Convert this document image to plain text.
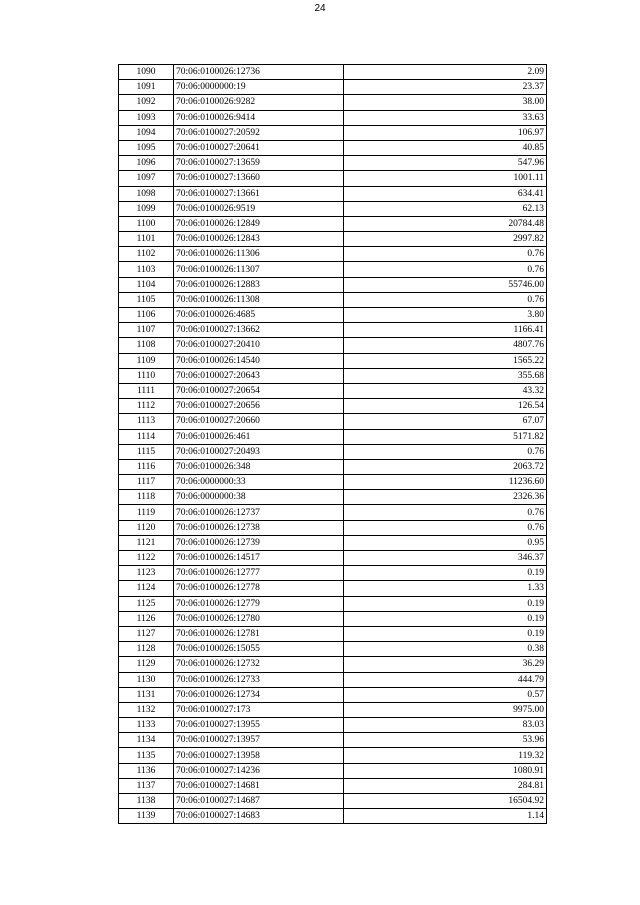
24
1090	70:06:0100026:12736	2.09
1091	70:06:0000000:19	23.37
1092	70:06:0100026:9282	38.00
1093	70:06:0100026:9414	33.63
1094	70:06:0100027:20592	106.97
1095	70:06:0100027:20641	40.85
1096	70:06:0100027:13659	547.96
1097	70:06:0100027:13660	1001.11
1098	70:06:0100027:13661	634.41
1099	70:06:0100026:9519	62.13
1100	70:06:0100026:12849	20784.48
1101	70:06:0100026:12843	2997.82
1102	70:06:0100026:11306	0.76
1103	70:06:0100026:11307	0.76
1104	70:06:0100026:12883	55746.00
1105	70:06:0100026:11308	0.76
1106	70:06:0100026:4685	3.80
1107	70:06:0100027:13662	1166.41
1108	70:06:0100027:20410	4807.76
1109	70:06:0100026:14540	1565.22
1110	70:06:0100027:20643	355.68
1111	70:06:0100027:20654	43.32
1112	70:06:0100027:20656	126.54
1113	70:06:0100027:20660	67.07
1114	70:06:0100026:461	5171.82
1115	70:06:0100027:20493	0.76
1116	70:06:0100026:348	2063.72
1117	70:06:0000000:33	11236.60
1118	70:06:0000000:38	2326.36
1119	70:06:0100026:12737	0.76
1120	70:06:0100026:12738	0.76
1121	70:06:0100026:12739	0.95
1122	70:06:0100026:14517	346.37
1123	70:06:0100026:12777	0.19
1124	70:06:0100026:12778	1.33
1125	70:06:0100026:12779	0.19
1126	70:06:0100026:12780	0.19
1127	70:06:0100026:12781	0.19
1128	70:06:0100026:15055	0.38
1129	70:06:0100026:12732	36.29
1130	70:06:0100026:12733	444.79
1131	70:06:0100026:12734	0.57
1132	70:06:0100027:173	9975.00
1133	70:06:0100027:13955	83.03
1134	70:06:0100027:13957	53.96
1135	70:06:0100027:13958	119.32
1136	70:06:0100027:14236	1080.91
1137	70:06:0100027:14681	284.81
1138	70:06:0100027:14687	16504.92
1139	70:06:0100027:14683	1.14
